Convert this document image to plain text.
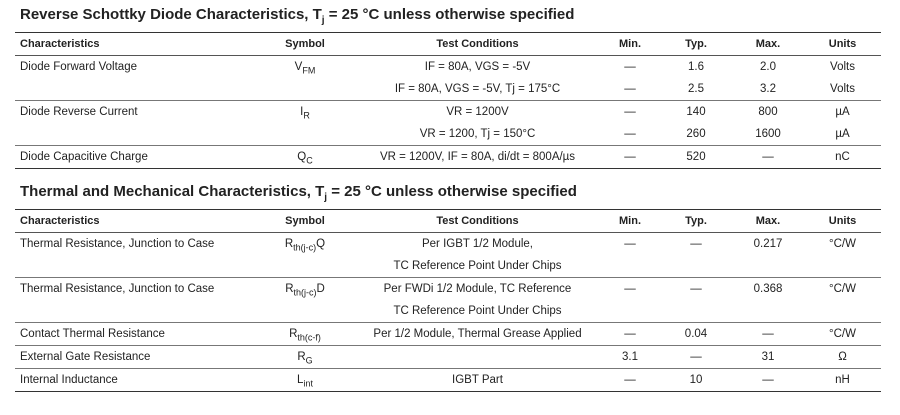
Reverse Schottky Diode Characteristics, $T_j = 25$ °C unless otherwise specified
Characteristics	Symbol	Test Conditions	Min.	Typ.	Max.	Units
Diode Forward Voltage	$V_{FM}$	IF = 80A, VGS = -5V	—	1.6	2.0	Volts
		IF = 80A, VGS = -5V, Tj = 175°C	—	2.5	3.2	Volts
Diode Reverse Current	$I_R$	VR = 1200V	—	140	800	µA
		VR = 1200, Tj = 150°C	—	260	1600	µA
Diode Capacitive Charge	$Q_C$	VR = 1200V, IF = 80A, di/dt = 800A/µs	—	520	—	nC
Thermal and Mechanical Characteristics, $T_j = 25$ °C unless otherwise specified
Characteristics	Symbol	Test Conditions	Min.	Typ.	Max.	Units
Thermal Resistance, Junction to Case	$R_{th(j-c)}Q$	Per IGBT 1/2 Module,	—	—	0.217	°C/W
		TC Reference Point Under Chips				
Thermal Resistance, Junction to Case	$R_{th(j-c)}D$	Per FWDi 1/2 Module, TC Reference	—	—	0.368	°C/W
		TC Reference Point Under Chips				
Contact Thermal Resistance	$R_{th(c-f)}$	Per 1/2 Module, Thermal Grease Applied	—	0.04	—	°C/W
External Gate Resistance	$R_G$		3.1	—	31	Ω
Internal Inductance	$L_{int}$	IGBT Part	—	10	—	nH
